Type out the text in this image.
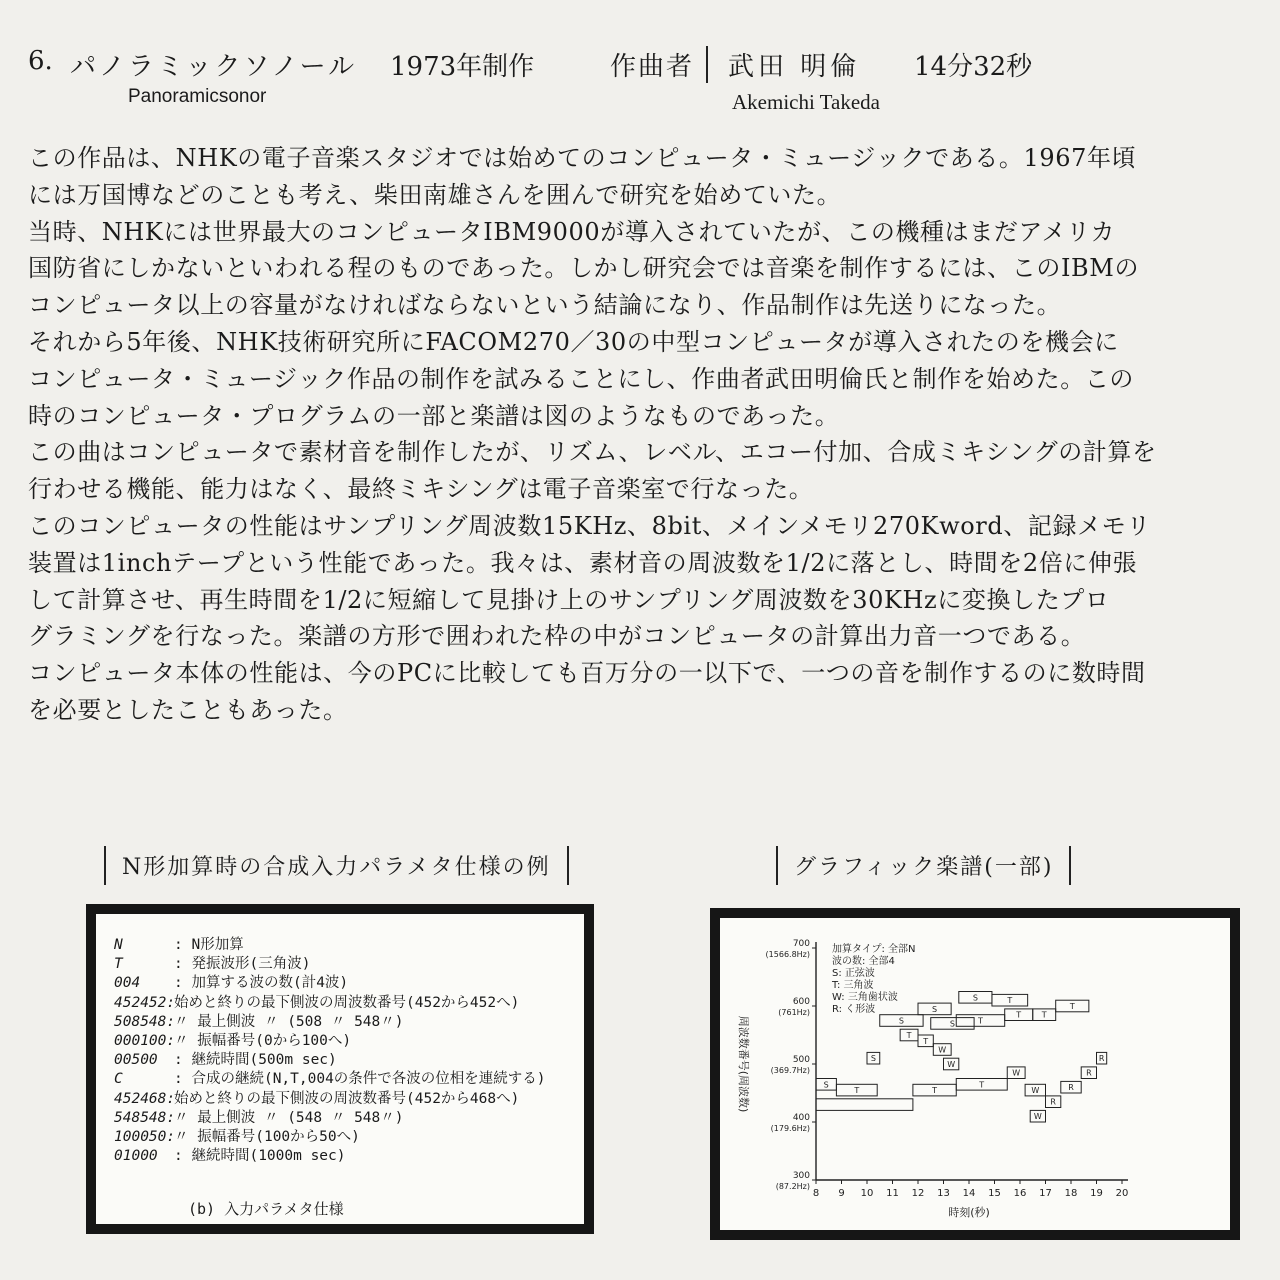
6. パノラミックソノール 1973年制作	作曲者	武田 明倫 14分32秒
Panoramicsonor	Akemichi Takeda

この作品は、NHKの電子音楽スタジオでは始めてのコンピュータ・ミュージックである。1967年頃

には万国博などのことも考え、柴田南雄さんを囲んで研究を始めていた。

当時、NHKには世界最大のコンピュータIBM9000が導入されていたが、この機種はまだアメリカ

国防省にしかないといわれる程のものであった。しかし研究会では音楽を制作するには、このIBMの

コンピュータ以上の容量がなければならないという結論になり、作品制作は先送りになった。

それから5年後、NHK技術研究所にFACOM270／30の中型コンピュータが導入されたのを機会に

コンピュータ・ミュージック作品の制作を試みることにし、作曲者武田明倫氏と制作を始めた。この

時のコンピュータ・プログラムの一部と楽譜は図のようなものであった。

この曲はコンピュータで素材音を制作したが、リズム、レベル、エコー付加、合成ミキシングの計算を

行わせる機能、能力はなく、最終ミキシングは電子音楽室で行なった。

このコンピュータの性能はサンプリング周波数15KHz、8bit、メインメモリ270Kword、記録メモリ

装置は1inchテープという性能であった。我々は、素材音の周波数を1/2に落とし、時間を2倍に伸張

して計算させ、再生時間を1/2に短縮して見掛け上のサンプリング周波数を30KHzに変換したプロ

グラミングを行なった。楽譜の方形で囲われた枠の中がコンピュータの計算出力音一つである。

コンピュータ本体の性能は、今のPCに比較しても百万分の一以下で、一つの音を制作するのに数時間

を必要としたこともあった。

N形加算時の合成入力パラメタ仕様の例	グラフィック楽譜(一部)
N	: N形加算
T	: 発振波形(三角波)
004 : 加算する波の数(計4波)
452452:始めと終りの最下側波の周波数番号(452から452へ)
508548:〃 最上側波 〃 (508 〃 548〃)
000100:〃 振幅番号(0から100へ)
00500 : 継続時間(500m sec)
C	: 合成の継続(N,T,004の条件で各波の位相を連続する)
452468:始めと終りの最下側波の周波数番号(452から468へ)
548548:〃 最上側波 〃 (548 〃 548〃)
100050:〃 振幅番号(100から50へ)
01000 : 継続時間(1000m sec)
(b) 入力パラメタ仕様
300
(87.2Hz)
400
(179.6Hz)
500
(369.7Hz)
600
(761Hz)
700
(1566.8Hz)
8 9 10 11 12 13 14 15 16 17 18 19 20
時刻(秒)
周波数番号(周波数)
加算タイプ: 全部N
波の数: 全部4
S: 正弦波
T: 三角波
W: 三角歯状波
R: く形波
S
S
T
S
S
S	T
T
T	T
T
T
W
W
S
T	T
T
W
W
R
R
R
R
W
